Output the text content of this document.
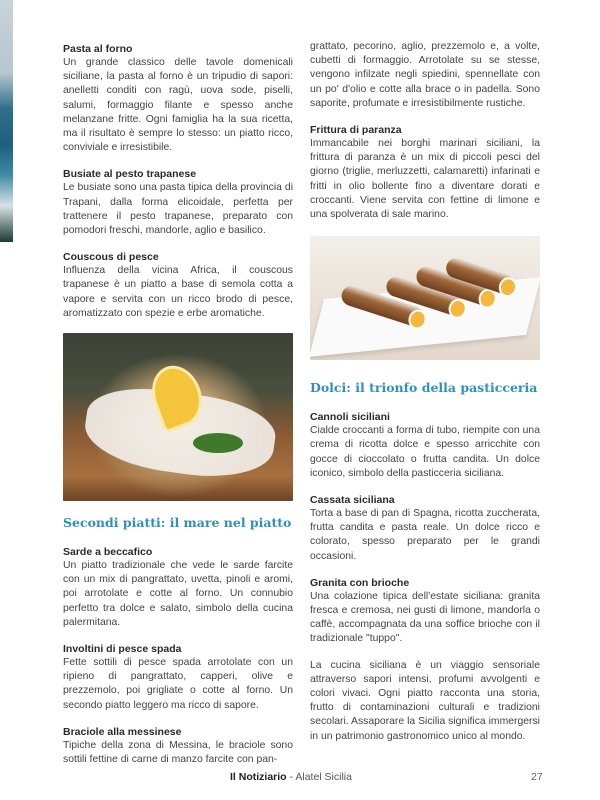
Pasta al forno

Un grande classico delle tavole domenicali siciliane, la pasta al forno è un tripudio di sapori: anelletti conditi con ragù, uova sode, piselli, salumi, formaggio filante e spesso anche melanzane fritte. Ogni famiglia ha la sua ricetta, ma il risultato è sempre lo stesso: un piatto ricco, conviviale e irresistibile.

Busiate al pesto trapanese

Le busiate sono una pasta tipica della provincia di Trapani, dalla forma elicoidale, perfetta per trattenere il pesto trapanese, preparato con pomodori freschi, mandorle, aglio e basilico.

Couscous di pesce

Influenza della vicina Africa, il couscous trapanese è un piatto a base di semola cotta a vapore e servita con un ricco brodo di pesce, aromatizzato con spezie e erbe aromatiche.

Secondi piatti: il mare nel piatto
Sarde a beccafico

Un piatto tradizionale che vede le sarde farcite con un mix di pangrattato, uvetta, pinoli e aromi, poi arrotolate e cotte al forno. Un connubio perfetto tra dolce e salato, simbolo della cucina palermitana.

Involtini di pesce spada

Fette sottili di pesce spada arrotolate con un ripieno di pangrattato, capperi, olive e prezzemolo, poi grigliate o cotte al forno. Un secondo piatto leggero ma ricco di sapore.

Braciole alla messinese

Tipiche della zona di Messina, le braciole sono sottili fettine di carne di manzo farcite con pan-

grattato, pecorino, aglio, prezzemolo e, a volte, cubetti di formaggio. Arrotolate su se stesse, vengono infilzate negli spiedini, spennellate con un po' d'olio e cotte alla brace o in padella. Sono saporite, profumate e irresistibilmente rustiche.

Frittura di paranza

Immancabile nei borghi marinari siciliani, la frittura di paranza è un mix di piccoli pesci del giorno (triglie, merluzzetti, calamaretti) infarinati e fritti in olio bollente fino a diventare dorati e croccanti. Viene servita con fettine di limone e una spolverata di sale marino.

Dolci: il trionfo della pasticceria
Cannoli siciliani

Cialde croccanti a forma di tubo, riempite con una crema di ricotta dolce e spesso arricchite con gocce di cioccolato o frutta candita. Un dolce iconico, simbolo della pasticceria siciliana.

Cassata siciliana

Torta a base di pan di Spagna, ricotta zuccherata, frutta candita e pasta reale. Un dolce ricco e colorato, spesso preparato per le grandi occasioni.

Granita con brioche

Una colazione tipica dell'estate siciliana: granita fresca e cremosa, nei gusti di limone, mandorla o caffè, accompagnata da una soffice brioche con il tradizionale "tuppo".

La cucina siciliana è un viaggio sensoriale attraverso sapori intensi, profumi avvolgenti e colori vivaci. Ogni piatto racconta una storia, frutto di contaminazioni culturali e tradizioni secolari. Assaporare la Sicilia significa immergersi in un patrimonio gastronomico unico al mondo.

Il Notiziario - Alatel Sicilia	27
